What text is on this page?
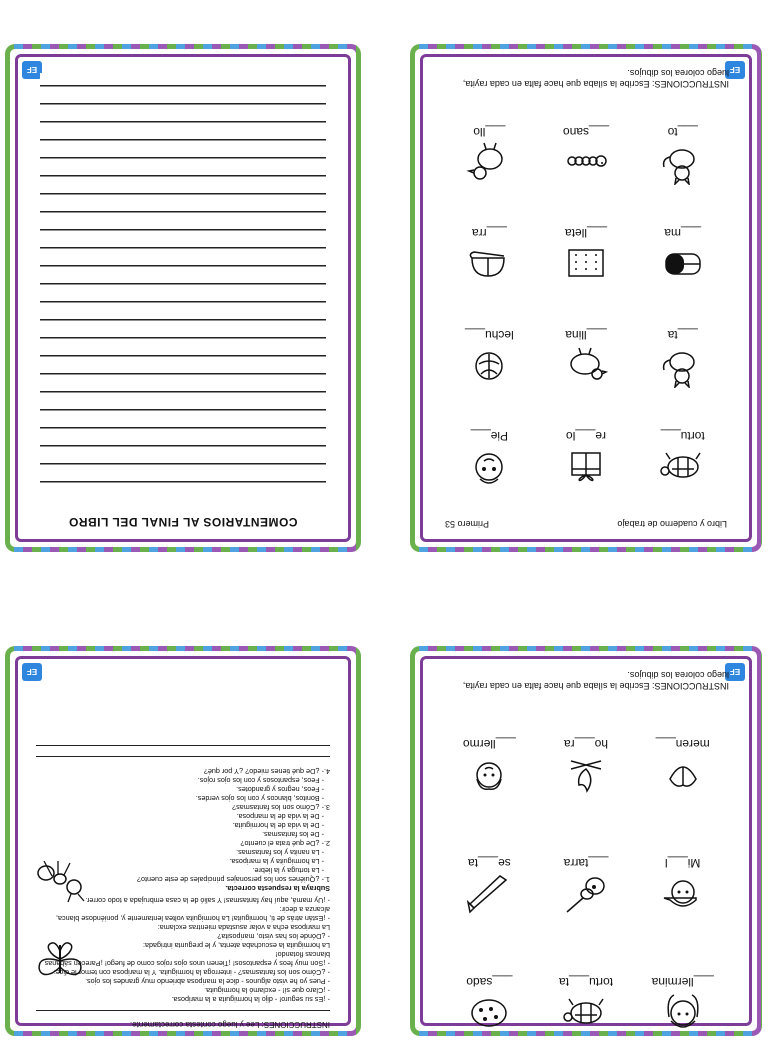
EF
COMENTARIOS AL FINAL DEL LIBRO
EF
INSTRUCCIONES: Escribe la sílaba que hace falta en cada rayita, luego colorea los dibujos.
tortu___
re___lo
Pie___
___ta
___llina
lechu___
___ma
___lleta
___rra
___to
___sano
___llo
Libro y cuaderno de trabajo
Primero 53
EF
INSTRUCCIONES: Lee y luego contesta correctamente.
- ¡Es su seguro! - dijo la hormiguita a la mariposa.
- ¡Claro que sí! - exclamó la hormiguita.
- Pues yo he visto algunos - dice la mariposa abriendo muy grandes los ojos.
- ¿Cómo son los fantasmas? - interroga la hormiguita. Y la mariposa con temor le dice:
- ¡Son muy feos y espantosos! ¡Tienen unos ojos rojos como de fuego! ¡Parecen sábanas blancas flotando!
La hormiguita la escuchaba atenta, y le pregunta intrigada:
- ¿Dónde los has visto, mariposita?
La mariposa echa a volar asustada mientras exclama:
- ¡Están atrás de ti, hormiguita! La hormiguita voltea lentamente y, poniéndose blanca, alcanza a decir:
- ¡Uy mamá, aquí hay fantasmas! Y salió de la casa embrujada a todo correr.
Subraya la respuesta correcta.
1.- ¿Quiénes son los personajes principales de este cuento?
- La tortuga y la liebre.
- La hormiguita y la mariposa.
- La nanita y los fantasmas.
2.- ¿De qué trata el cuento?
- De los fantasmas.
- De la vida de la hormiguita.
- De la vida de la mariposa.
3.- ¿Cómo son los fantasmas?
- Bonitos, blancos y con los ojos verdes.
- Feos, negros y grandotes.
- Feos, espantosos y con los ojos rojos.
4.- ¿De qué tienes miedo? ¿Y por qué?
EF
INSTRUCCIONES: Escribe la sílaba que hace falta en cada rayita, luego colorea los dibujos.
___llermina
tortu___ta
___sado
Mi___l
___tarra
se___ta
meren___
ho___ra
___llermo
